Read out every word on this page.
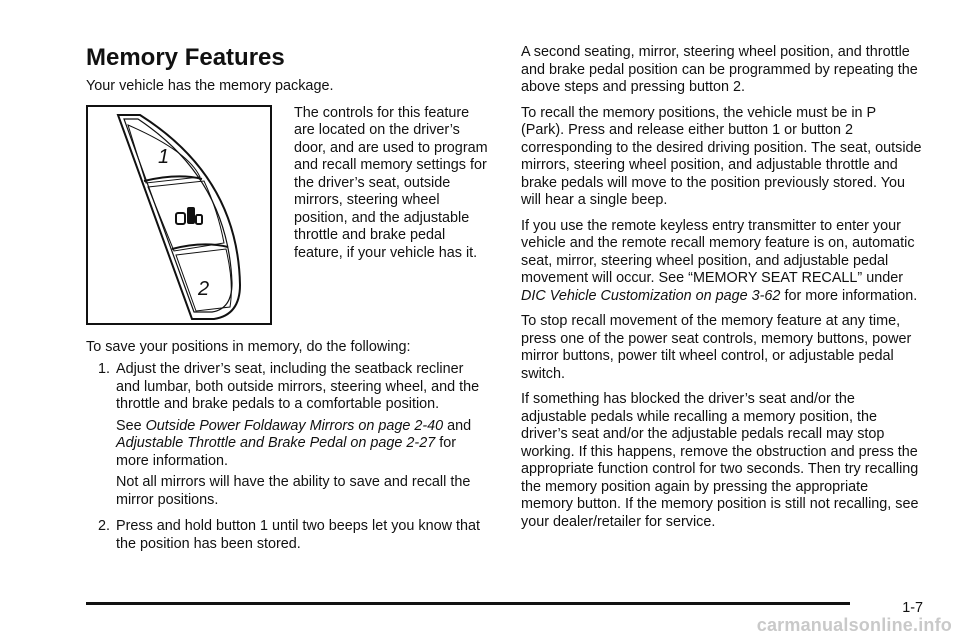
Memory Features

Your vehicle has the memory package.

1
2

The controls for this feature are located on the driver’s door, and are used to program and recall memory settings for the driver’s seat, outside mirrors, steering wheel position, and the adjustable throttle and brake pedal feature, if your vehicle has it.

To save your positions in memory, do the following:

1. Adjust the driver’s seat, including the seatback recliner and lumbar, both outside mirrors, steering wheel, and the throttle and brake pedals to a comfortable position.

See Outside Power Foldaway Mirrors on page 2-40 and Adjustable Throttle and Brake Pedal on page 2-27 for more information.

Not all mirrors will have the ability to save and recall the mirror positions.

2. Press and hold button 1 until two beeps let you know that the position has been stored.

A second seating, mirror, steering wheel position, and throttle and brake pedal position can be programmed by repeating the above steps and pressing button 2.

To recall the memory positions, the vehicle must be in P (Park). Press and release either button 1 or button 2 corresponding to the desired driving position. The seat, outside mirrors, steering wheel position, and adjustable throttle and brake pedals will move to the position previously stored. You will hear a single beep.

If you use the remote keyless entry transmitter to enter your vehicle and the remote recall memory feature is on, automatic seat, mirror, steering wheel position, and adjustable pedal movement will occur. See “MEMORY SEAT RECALL” under DIC Vehicle Customization on page 3-62 for more information.

To stop recall movement of the memory feature at any time, press one of the power seat controls, memory buttons, power mirror buttons, power tilt wheel control, or adjustable pedal switch.

If something has blocked the driver’s seat and/or the adjustable pedals while recalling a memory position, the driver’s seat and/or the adjustable pedals recall may stop working. If this happens, remove the obstruction and press the appropriate function control for two seconds. Then try recalling the memory position again by pressing the appropriate memory button. If the memory position is still not recalling, see your dealer/retailer for service.

1-7
carmanualsonline.info
